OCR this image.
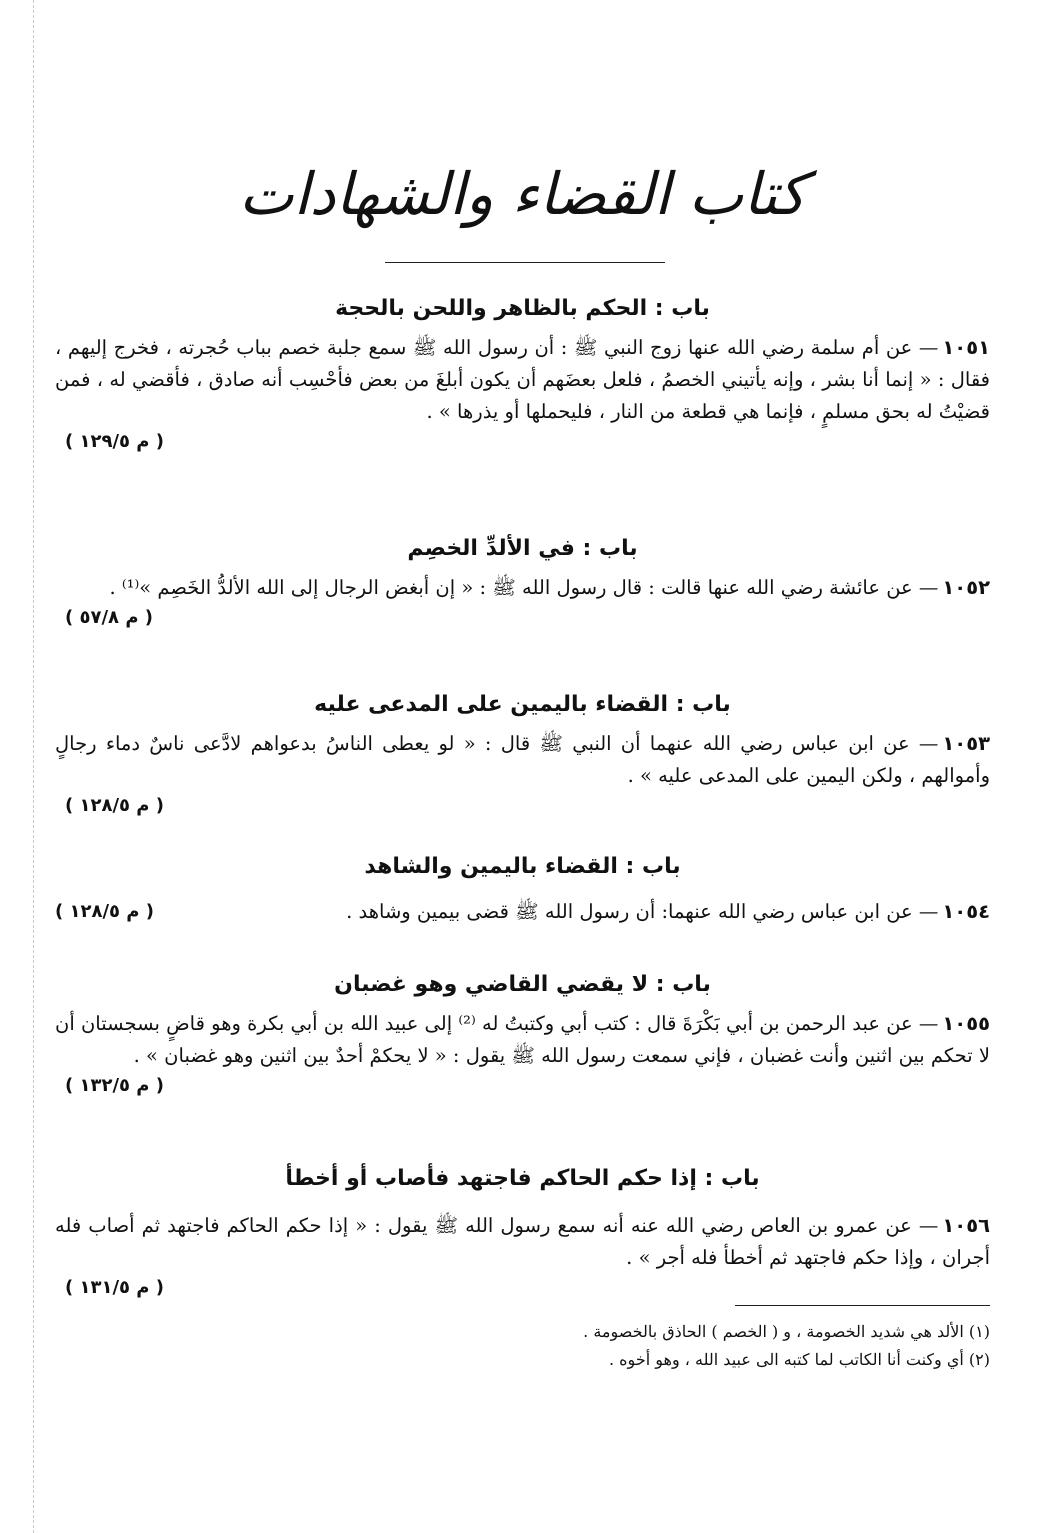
كتاب القضاء والشهادات
باب : الحكم بالظاهر واللحن بالحجة
١٠٥١— عن أم سلمة رضي الله عنها زوج النبي ﷺ : أن رسول الله ﷺ سمع جلبة خصم بباب حُجرته ، فخرج إليهم ، فقال : « إنما أنا بشر ، وإنه يأتيني الخصمُ ، فلعل بعضَهم أن يكون أبلغَ من بعض فأحْسِب أنه صادق ، فأقضي له ، فمن قضيْتُ له بحق مسلمٍ ، فإنما هي قطعة من النار ، فليحملها أو يذرها » .
( م ١٢٩/٥ )
باب : في الألدِّ الخصِم
١٠٥٢— عن عائشة رضي الله عنها قالت : قال رسول الله ﷺ : « إن أبغض الرجال إلى الله الألدُّ الخَصِم »⁽¹⁾ .
( م ٥٧/٨ )
باب : القضاء باليمين على المدعى عليه
١٠٥٣— عن ابن عباس رضي الله عنهما أن النبي ﷺ قال : « لو يعطى الناسُ بدعواهم لادَّعى ناسٌ دماء رجالٍ وأموالهم ، ولكن اليمين على المدعى عليه » .
( م ١٢٨/٥ )
باب : القضاء باليمين والشاهد
( م ١٢٨/٥ )	١٠٥٤— عن ابن عباس رضي الله عنهما: أن رسول الله ﷺ قضى بيمين وشاهد .
باب : لا يقضي القاضي وهو غضبان
١٠٥٥— عن عبد الرحمن بن أبي بَكْرَةَ قال : كتب أبي وكتبتُ له ⁽²⁾ إلى عبيد الله بن أبي بكرة وهو قاضٍ بسجستان أن لا تحكم بين اثنين وأنت غضبان ، فإني سمعت رسول الله ﷺ يقول : « لا يحكمْ أحدٌ بين اثنين وهو غضبان » .
( م ١٣٢/٥ )
باب : إذا حكم الحاكم فاجتهد فأصاب أو أخطأ
١٠٥٦— عن عمرو بن العاص رضي الله عنه أنه سمع رسول الله ﷺ يقول : « إذا حكم الحاكم فاجتهد ثم أصاب فله أجران ، وإذا حكم فاجتهد ثم أخطأ فله أجر » .
( م ١٣١/٥ )
(١) الألد هي شديد الخصومة ، و ( الخصم ) الحاذق بالخصومة .
(٢) أي وكنت أنا الكاتب لما كتبه الى عبيد الله ، وهو أخوه .
